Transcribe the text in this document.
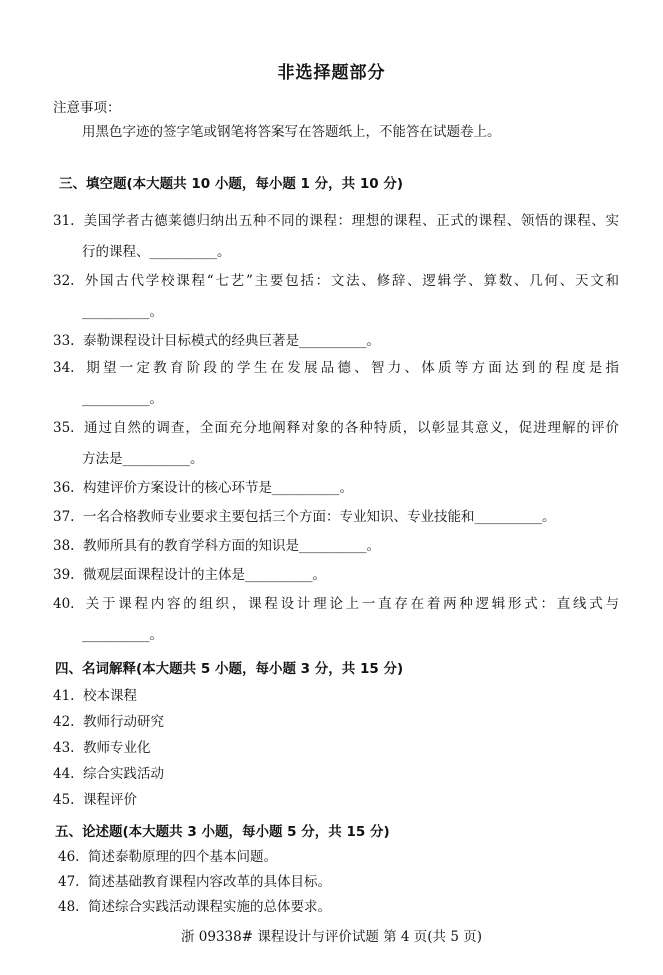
非选择题部分
注意事项：
用黑色字迹的签字笔或钢笔将答案写在答题纸上，不能答在试题卷上。
三、填空题(本大题共 10 小题，每小题 1 分，共 10 分)
31. 美国学者古德莱德归纳出五种不同的课程：理想的课程、正式的课程、领悟的课程、实
行的课程、__________。
32. 外国古代学校课程“七艺”主要包括：文法、修辞、逻辑学、算数、几何、天文和
__________。
33. 泰勒课程设计目标模式的经典巨著是__________。
34. 期望一定教育阶段的学生在发展品德、智力、体质等方面达到的程度是指
__________。
35. 通过自然的调查，全面充分地阐释对象的各种特质，以彰显其意义，促进理解的评价
方法是__________。
36. 构建评价方案设计的核心环节是__________。
37. 一名合格教师专业要求主要包括三个方面：专业知识、专业技能和__________。
38. 教师所具有的教育学科方面的知识是__________。
39. 微观层面课程设计的主体是__________。
40. 关于课程内容的组织，课程设计理论上一直存在着两种逻辑形式：直线式与
__________。
四、名词解释(本大题共 5 小题，每小题 3 分，共 15 分)
41. 校本课程
42. 教师行动研究
43. 教师专业化
44. 综合实践活动
45. 课程评价
五、论述题(本大题共 3 小题，每小题 5 分，共 15 分)
46. 简述泰勒原理的四个基本问题。
47. 简述基础教育课程内容改革的具体目标。
48. 简述综合实践活动课程实施的总体要求。
浙 09338# 课程设计与评价试题 第 4 页(共 5 页)
